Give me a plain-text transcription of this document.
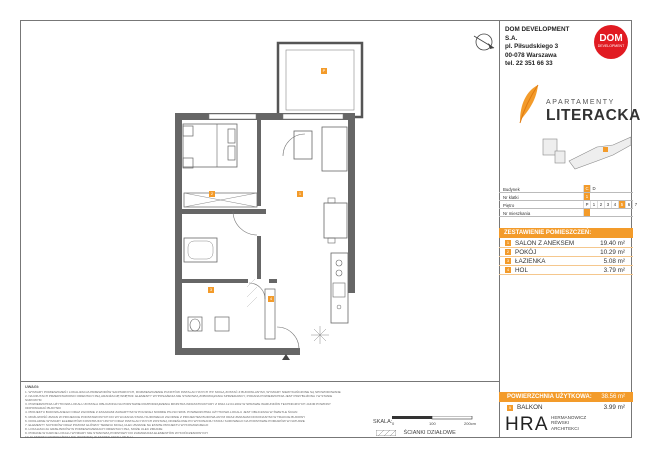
P
2	1
3
4
DOM DEVELOPMENT S.A.
pl. Piłsudskiego 3
00-078 Warszawa
tel. 22 351 66 33
DOM
DEVELOPMENT
APARTAMENTY
LITERACKA
Budynek	C D
Nr klatki	1
Piętro	P	1	2	3	4	5	6	7
Nr mieszkania
ZESTAWIENIE POMIESZCZEŃ:
1 SALON Z ANEKSEM	19.40 m²
2 POKÓJ	10.29 m²
3 ŁAZIENKA	5.08 m²
4 HOL	3.79 m²
POWIERZCHNIA UŻYTKOWA: 38.56 m²
5 BALKON	3.99 m²
UWAGI:
1. WYMIARY POMIESZCZEŃ I LOKALIZACJA PRZEWODÓW SANITARNYCH, ROZMIESZCZENIE PUNKTÓW INSTALACYJNYCH ITP. MOGĄ ZOSTAĆ Z BUDOWLANYMI, WYMIARY NIEWYKAŃCZONE SĄ SPOWODOWANE
2. NA RZUTACH PRZEDSTAWIONO ORIENTACYJNĄ ARANŻACJĘ WNĘTRZ. ELEMENTY WYPOSAŻENIA NIE STANOWIĄ ZOBOWIĄZANIA SPRZEDAWCY, PODANA POWIERZCHNIA JEST PRZYBLIŻONA I W STANIE SUROWYM
3. POWIERZCHNIA UŻYTKOWA LOKALU ZOSTAŁA OBLICZONA NA PODSTAWIE ROZPORZĄDZENIA MINISTRA INFRASTRUKTURY Z DNIA 12.04.2002 W SPRAWIE WARUNKÓW TECHNICZNYCH JAKIM POWINNY ODPOWIADAĆ BUDYNKI
4. PROJEKTU BUDOWLANEGO ORAZ ZGODNIE Z ZASADAMI ZAWARTYMI W POLSKIEJ NORMIE PN-ISO 9836. POWIERZCHNIA UŻYTKOWA LOKALU JEST OBLICZANA W ŚWIETLE ŚCIAN
5. MOŻLIWOŚĆ ZMIAN W PROJEKCIE PODSTAWIONYCH DO WYLICZANIA STANU SUROWEGO ZGODNIE Z PROJEKTEM BUDOWLANYM ORAZ ZMIANAMI DOKONANYMI W TRAKCIE BUDOWY
6. DOKŁADNE WYMIARY ELEMENTÓW KONSTRUKCYJNYCH ORAZ INSTALACYJNYCH ZOSTANĄ OKREŚLONE PO WYKONANIU STANU SUROWEGO NA PODSTAWIE POMIARÓW W NATURZE
7. ELEMENTY SCHODÓW ORAZ POZIOM GŁÓWNY TERENU MOGĄ ULEC ZMIANIE NA ETAPIE PROJEKTU WYKONAWCZEGO
8. LOKALIZACJA GRZEJNIKÓW W POMIESZCZENIACH ORIENTACYJNA, MOŻE ULEC ZMIANIE
9. PODANE W KARCIE LOKALU WYMIARY NIE STANOWIĄ PODSTAWY DO ZAMAWIANIA ELEMENTÓW WYKOŃCZENIOWYCH
10. ELEMENTY WYPOSAŻENIA NIE WCHODZĄ W ZAKRES CENY LOKALU
SKALA: 0	100	200cm
ŚCIANKI DZIAŁOWE	HRA HERMANOWICZ
RÉWSKI
ARCHITEKCI
